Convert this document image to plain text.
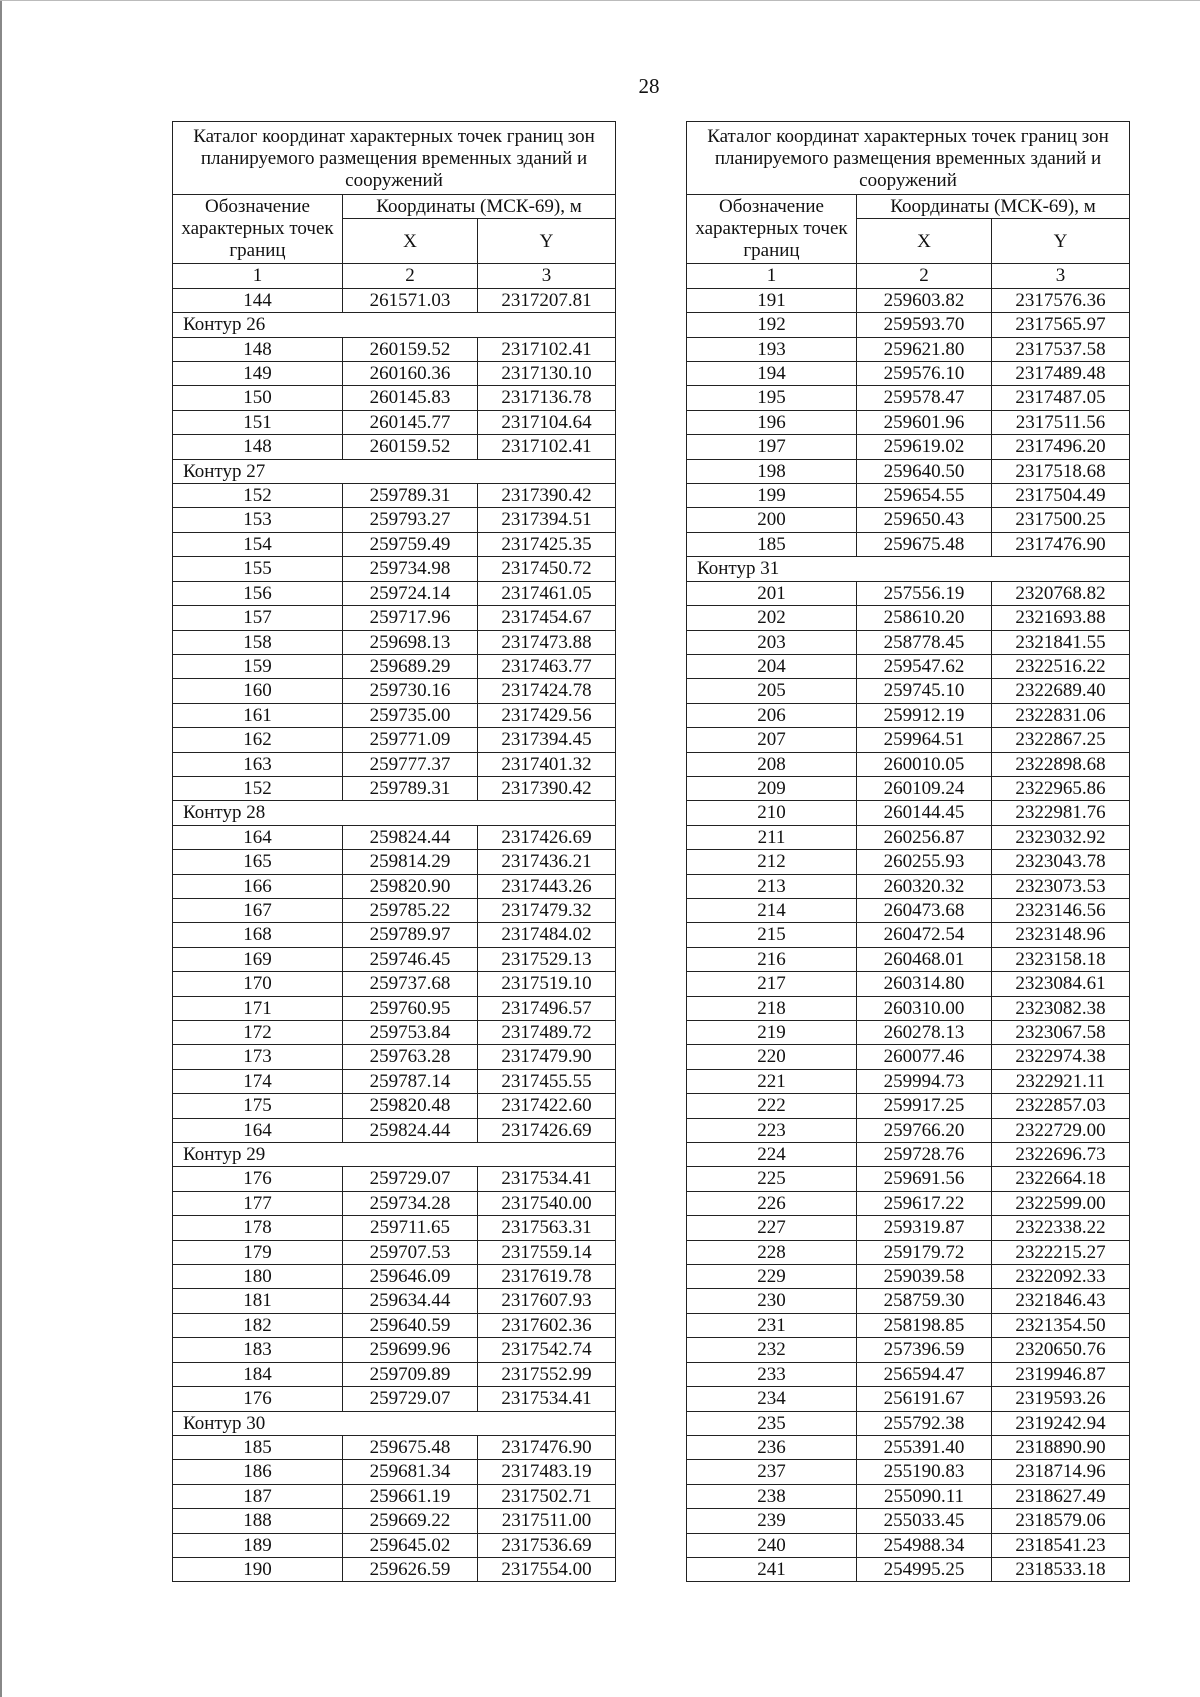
28
Каталог координат характерных точек границ зон планируемого размещения временных зданий и сооружений		
Обозначение характерных точек границ	Координаты (МСК-69), м	
	X	Y
1	2	3
144	261571.03	2317207.81
Контур 26		
148	260159.52	2317102.41
149	260160.36	2317130.10
150	260145.83	2317136.78
151	260145.77	2317104.64
148	260159.52	2317102.41
Контур 27		
152	259789.31	2317390.42
153	259793.27	2317394.51
154	259759.49	2317425.35
155	259734.98	2317450.72
156	259724.14	2317461.05
157	259717.96	2317454.67
158	259698.13	2317473.88
159	259689.29	2317463.77
160	259730.16	2317424.78
161	259735.00	2317429.56
162	259771.09	2317394.45
163	259777.37	2317401.32
152	259789.31	2317390.42
Контур 28		
164	259824.44	2317426.69
165	259814.29	2317436.21
166	259820.90	2317443.26
167	259785.22	2317479.32
168	259789.97	2317484.02
169	259746.45	2317529.13
170	259737.68	2317519.10
171	259760.95	2317496.57
172	259753.84	2317489.72
173	259763.28	2317479.90
174	259787.14	2317455.55
175	259820.48	2317422.60
164	259824.44	2317426.69
Контур 29		
176	259729.07	2317534.41
177	259734.28	2317540.00
178	259711.65	2317563.31
179	259707.53	2317559.14
180	259646.09	2317619.78
181	259634.44	2317607.93
182	259640.59	2317602.36
183	259699.96	2317542.74
184	259709.89	2317552.99
176	259729.07	2317534.41
Контур 30		
185	259675.48	2317476.90
186	259681.34	2317483.19
187	259661.19	2317502.71
188	259669.22	2317511.00
189	259645.02	2317536.69
190	259626.59	2317554.00
Каталог координат характерных точек границ зон планируемого размещения временных зданий и сооружений		
Обозначение характерных точек границ	Координаты (МСК-69), м	
	X	Y
1	2	3
191	259603.82	2317576.36
192	259593.70	2317565.97
193	259621.80	2317537.58
194	259576.10	2317489.48
195	259578.47	2317487.05
196	259601.96	2317511.56
197	259619.02	2317496.20
198	259640.50	2317518.68
199	259654.55	2317504.49
200	259650.43	2317500.25
185	259675.48	2317476.90
Контур 31		
201	257556.19	2320768.82
202	258610.20	2321693.88
203	258778.45	2321841.55
204	259547.62	2322516.22
205	259745.10	2322689.40
206	259912.19	2322831.06
207	259964.51	2322867.25
208	260010.05	2322898.68
209	260109.24	2322965.86
210	260144.45	2322981.76
211	260256.87	2323032.92
212	260255.93	2323043.78
213	260320.32	2323073.53
214	260473.68	2323146.56
215	260472.54	2323148.96
216	260468.01	2323158.18
217	260314.80	2323084.61
218	260310.00	2323082.38
219	260278.13	2323067.58
220	260077.46	2322974.38
221	259994.73	2322921.11
222	259917.25	2322857.03
223	259766.20	2322729.00
224	259728.76	2322696.73
225	259691.56	2322664.18
226	259617.22	2322599.00
227	259319.87	2322338.22
228	259179.72	2322215.27
229	259039.58	2322092.33
230	258759.30	2321846.43
231	258198.85	2321354.50
232	257396.59	2320650.76
233	256594.47	2319946.87
234	256191.67	2319593.26
235	255792.38	2319242.94
236	255391.40	2318890.90
237	255190.83	2318714.96
238	255090.11	2318627.49
239	255033.45	2318579.06
240	254988.34	2318541.23
241	254995.25	2318533.18
